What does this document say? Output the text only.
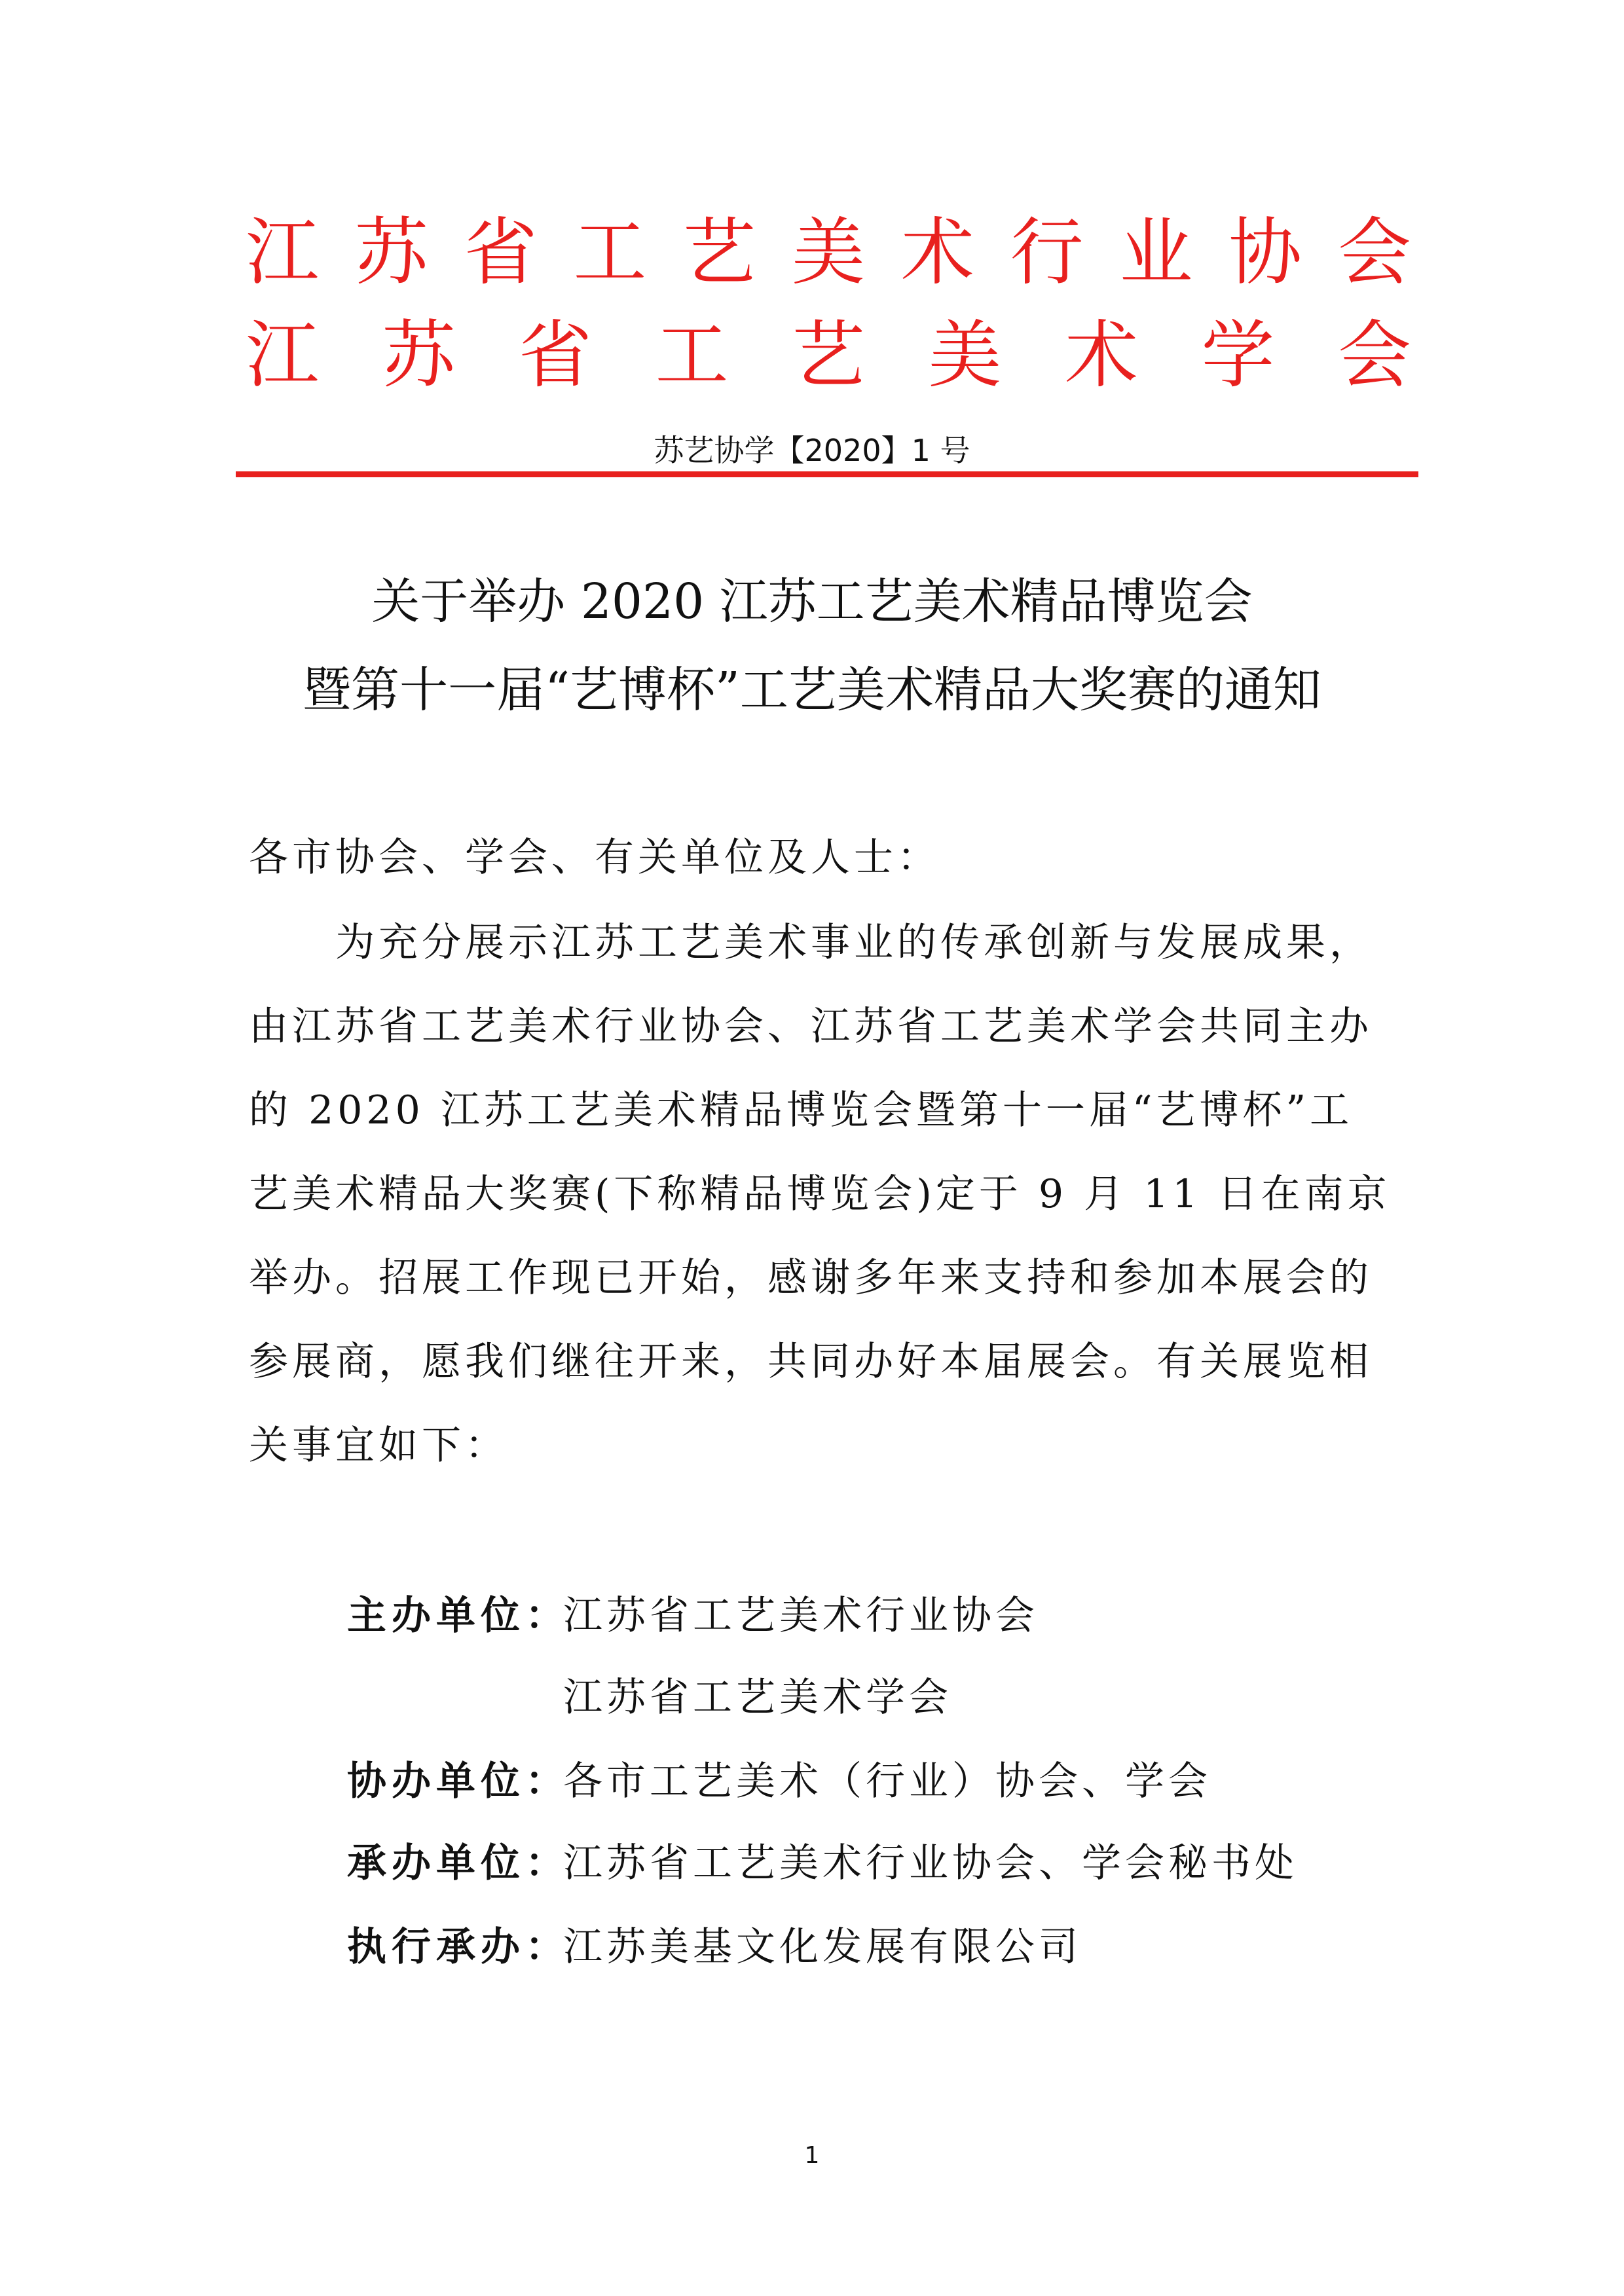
江 苏 省 工 艺 美 术 行 业 协 会
江 苏 省 工 艺 美 术 学 会
苏艺协学【2020】1 号
关于举办 2020 江苏工艺美术精品博览会
暨第十一届“艺博杯”工艺美术精品大奖赛的通知
各市协会、学会、有关单位及人士：
　　为充分展示江苏工艺美术事业的传承创新与发展成果，
由江苏省工艺美术行业协会、江苏省工艺美术学会共同主办
的 2020 江苏工艺美术精品博览会暨第十一届“艺博杯”工
艺美术精品大奖赛(下称精品博览会)定于 9 月 11 日在南京
举办。招展工作现已开始，感谢多年来支持和参加本展会的
参展商，愿我们继往开来，共同办好本届展会。有关展览相
关事宜如下：
主办单位：江苏省工艺美术行业协会
江苏省工艺美术学会
协办单位：各市工艺美术（行业）协会、学会
承办单位：江苏省工艺美术行业协会、学会秘书处
执行承办：江苏美基文化发展有限公司
1
